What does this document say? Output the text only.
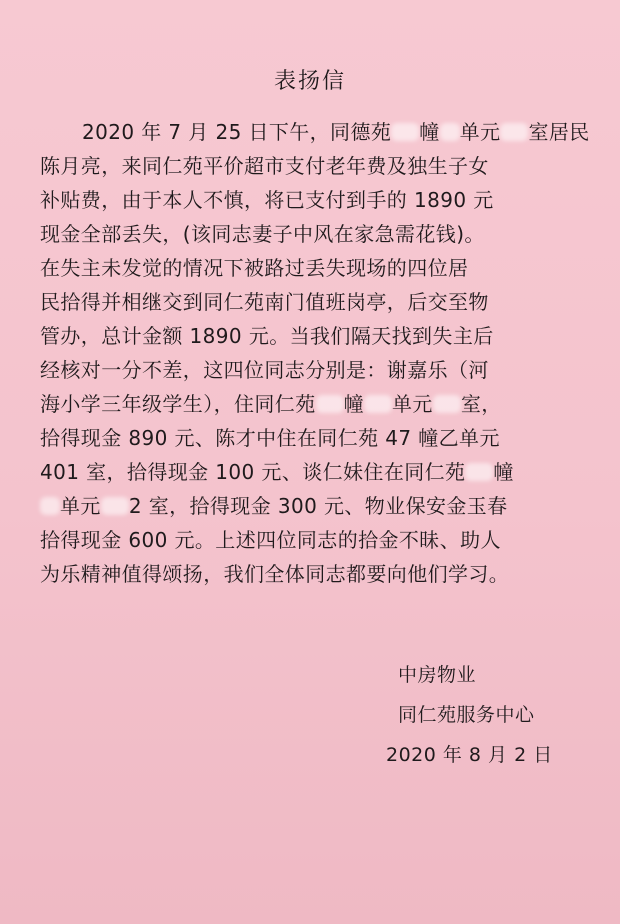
表扬信
2020 年 7 月 25 日下午，同德苑 幢 单元 室居民
陈月亮，来同仁苑平价超市支付老年费及独生子女
补贴费，由于本人不慎，将已支付到手的 1890 元
现金全部丢失，(该同志妻子中风在家急需花钱)。
在失主未发觉的情况下被路过丢失现场的四位居
民拾得并相继交到同仁苑南门值班岗亭，后交至物
管办，总计金额 1890 元。当我们隔天找到失主后
经核对一分不差，这四位同志分别是：谢嘉乐（河
海小学三年级学生），住同仁苑 幢 单元 室，
拾得现金 890 元、陈才中住在同仁苑 47 幢乙单元
401 室，拾得现金 100 元、谈仁妹住在同仁苑 幢
单元 2 室，拾得现金 300 元、物业保安金玉春
拾得现金 600 元。上述四位同志的拾金不昧、助人
为乐精神值得颂扬，我们全体同志都要向他们学习。
中房物业
同仁苑服务中心
2020 年 8 月 2 日
